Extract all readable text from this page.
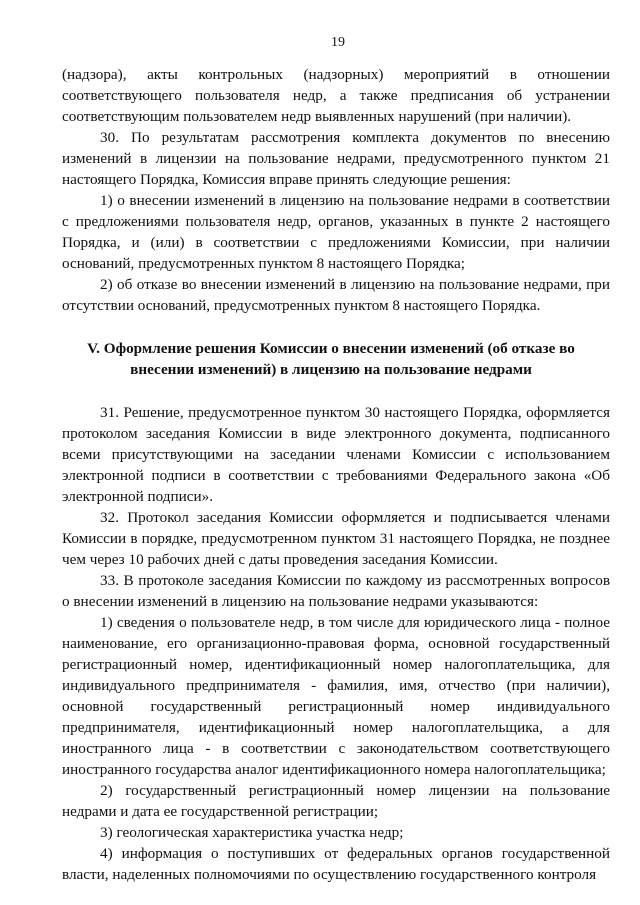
19

(надзора), акты контрольных (надзорных) мероприятий в отношении соответствующего пользователя недр, а также предписания об устранении соответствующим пользователем недр выявленных нарушений (при наличии).

30. По результатам рассмотрения комплекта документов по внесению изменений в лицензии на пользование недрами, предусмотренного пунктом 21 настоящего Порядка, Комиссия вправе принять следующие решения:

1) о внесении изменений в лицензию на пользование недрами в соответствии с предложениями пользователя недр, органов, указанных в пункте 2 настоящего Порядка, и (или) в соответствии с предложениями Комиссии, при наличии оснований, предусмотренных пунктом 8 настоящего Порядка;

2) об отказе во внесении изменений в лицензию на пользование недрами, при отсутствии оснований, предусмотренных пунктом 8 настоящего Порядка.

V. Оформление решения Комиссии о внесении изменений (об отказе во
внесении изменений) в лицензию на пользование недрами

31. Решение, предусмотренное пунктом 30 настоящего Порядка, оформляется протоколом заседания Комиссии в виде электронного документа, подписанного всеми присутствующими на заседании членами Комиссии с использованием электронной подписи в соответствии с требованиями Федерального закона «Об электронной подписи».

32. Протокол заседания Комиссии оформляется и подписывается членами Комиссии в порядке, предусмотренном пунктом 31 настоящего Порядка, не позднее чем через 10 рабочих дней с даты проведения заседания Комиссии.

33. В протоколе заседания Комиссии по каждому из рассмотренных вопросов о внесении изменений в лицензию на пользование недрами указываются:

1) сведения о пользователе недр, в том числе для юридического лица - полное наименование, его организационно-правовая форма, основной государственный регистрационный номер, идентификационный номер налогоплательщика, для индивидуального предпринимателя - фамилия, имя, отчество (при наличии), основной государственный регистрационный номер индивидуального предпринимателя, идентификационный номер налогоплательщика, а для иностранного лица - в соответствии с законодательством соответствующего иностранного государства аналог идентификационного номера налогоплательщика;

2) государственный регистрационный номер лицензии на пользование недрами и дата ее государственной регистрации;

3) геологическая характеристика участка недр;

4) информация о поступивших от федеральных органов государственной власти, наделенных полномочиями по осуществлению государственного контроля
